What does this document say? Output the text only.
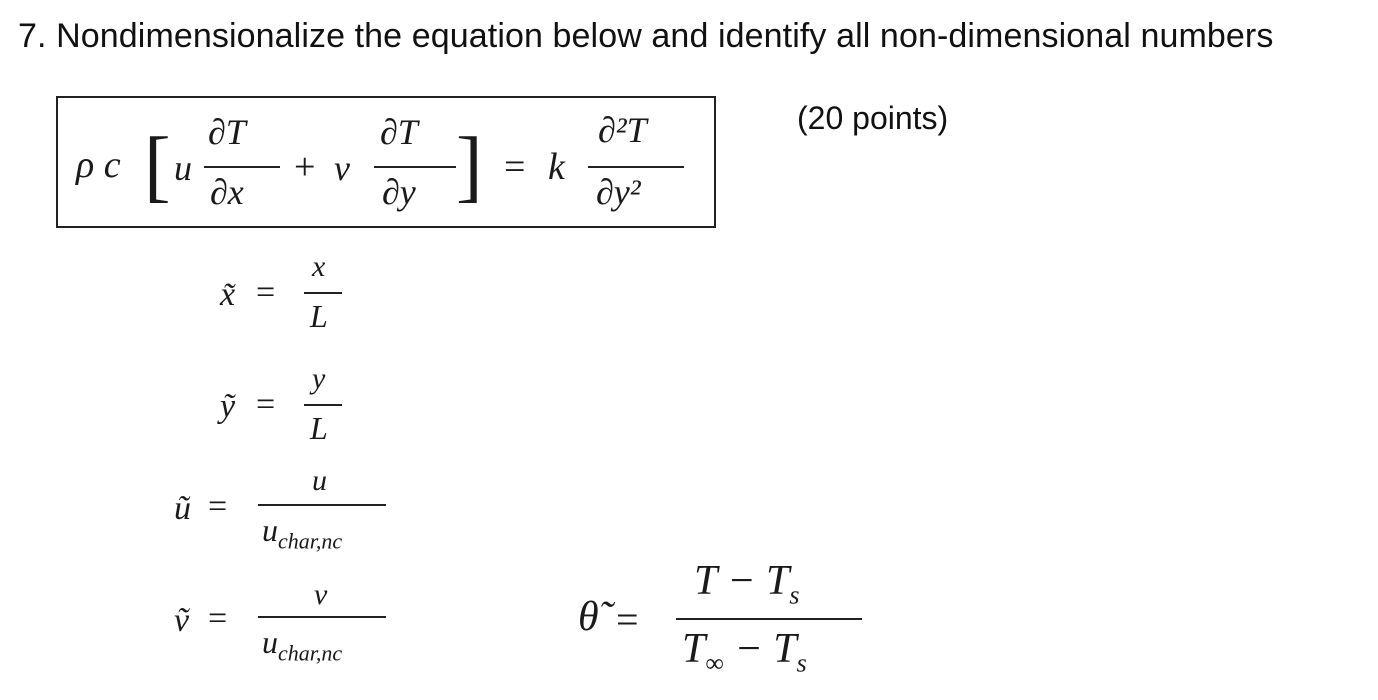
7. Nondimensionalize the equation below and identify all non-dimensional numbers
(20 points)
ρ c [ u
∂T
∂x
+ v
∂T
∂y ] = k
∂²T
∂y²
x̃ =
x
L
ỹ =
y
L
ũ =
u
$u_{char,nc}$
ṽ =
v
$u_{char,nc}$
θ̃ =
$T - T_s$
$T_\infty - T_s$
